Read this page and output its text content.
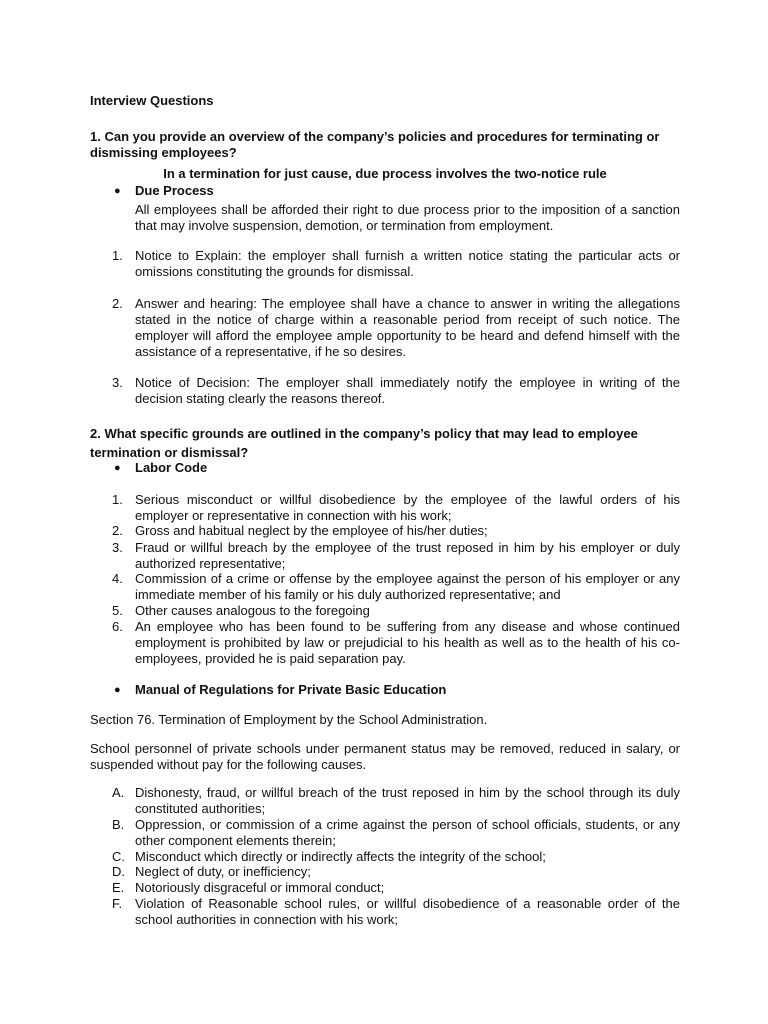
Interview Questions
1. Can you provide an overview of the company’s policies and procedures for terminating or dismissing employees?
In a termination for just cause, due process involves the two-notice rule
● Due Process
All employees shall be afforded their right to due process prior to the imposition of a sanction that may involve suspension, demotion, or termination from employment.
1. Notice to Explain: the employer shall furnish a written notice stating the particular acts or omissions constituting the grounds for dismissal.
2. Answer and hearing: The employee shall have a chance to answer in writing the allegations stated in the notice of charge within a reasonable period from receipt of such notice. The employer will afford the employee ample opportunity to be heard and defend himself with the assistance of a representative, if he so desires.
3. Notice of Decision: The employer shall immediately notify the employee in writing of the decision stating clearly the reasons thereof.
2. What specific grounds are outlined in the company’s policy that may lead to employee termination or dismissal?
● Labor Code
1. Serious misconduct or willful disobedience by the employee of the lawful orders of his employer or representative in connection with his work;
2. Gross and habitual neglect by the employee of his/her duties;
3. Fraud or willful breach by the employee of the trust reposed in him by his employer or duly authorized representative;
4. Commission of a crime or offense by the employee against the person of his employer or any immediate member of his family or his duly authorized representative; and
5. Other causes analogous to the foregoing
6. An employee who has been found to be suffering from any disease and whose continued employment is prohibited by law or prejudicial to his health as well as to the health of his co-employees, provided he is paid separation pay.
● Manual of Regulations for Private Basic Education
Section 76. Termination of Employment by the School Administration.
School personnel of private schools under permanent status may be removed, reduced in salary, or suspended without pay for the following causes.
A. Dishonesty, fraud, or willful breach of the trust reposed in him by the school through its duly constituted authorities;
B. Oppression, or commission of a crime against the person of school officials, students, or any other component elements therein;
C. Misconduct which directly or indirectly affects the integrity of the school;
D. Neglect of duty, or inefficiency;
E. Notoriously disgraceful or immoral conduct;
F. Violation of Reasonable school rules, or willful disobedience of a reasonable order of the school authorities in connection with his work;
